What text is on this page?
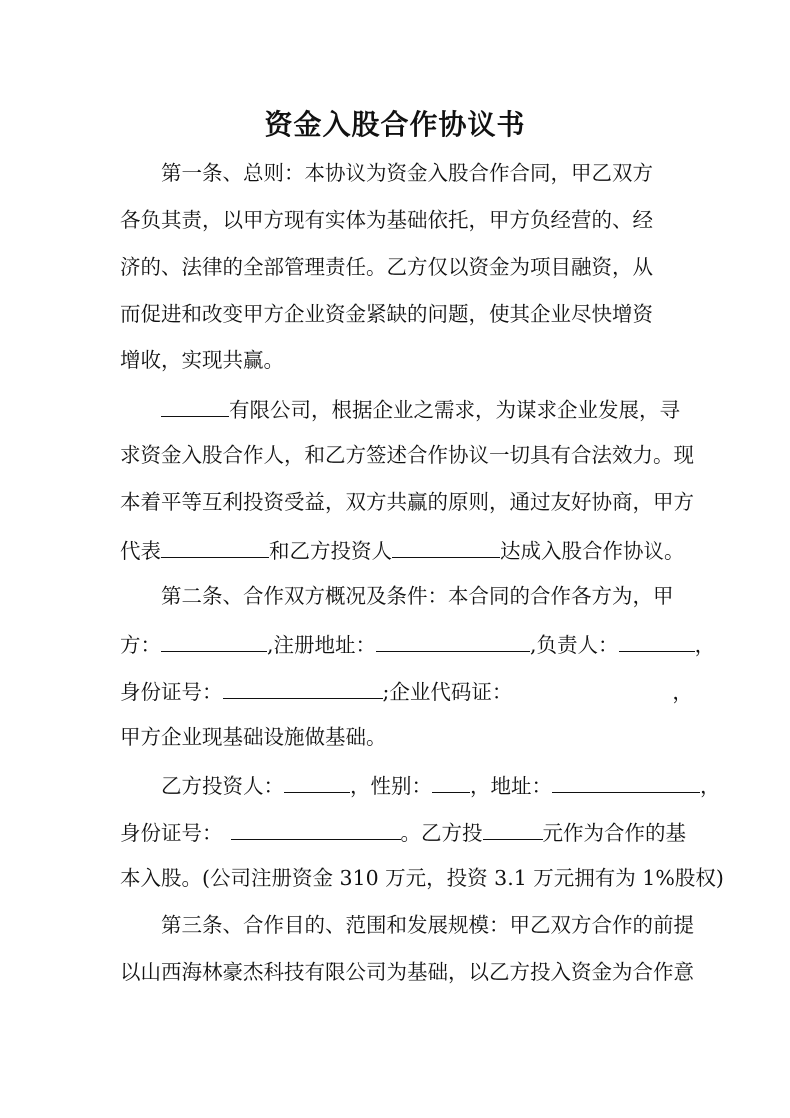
资金入股合作协议书
第一条、总则：本协议为资金入股合作合同，甲乙双方
各负其责，以甲方现有实体为基础依托，甲方负经营的、经
济的、法律的全部管理责任。乙方仅以资金为项目融资，从
而促进和改变甲方企业资金紧缺的问题，使其企业尽快增资
增收，实现共赢。
有限公司，根据企业之需求，为谋求企业发展，寻
求资金入股合作人，和乙方签述合作协议一切具有合法效力。现
本着平等互利投资受益，双方共赢的原则，通过友好协商，甲方
代表	和乙方投资人	达成入股合作协议。
第二条、合作双方概况及条件：本合同的合作各方为，甲
方：	,注册地址：	,负责人：	，
身份证号：	;企业代码证：	，
甲方企业现基础设施做基础。
乙方投资人：	，性别： ，地址：	，
身份证号：	。乙方投	元作为合作的基
本入股。(公司注册资金 310 万元，投资 3.1 万元拥有为 1%股权)
第三条、合作目的、范围和发展规模：甲乙双方合作的前提
以山西海林豪杰科技有限公司为基础，以乙方投入资金为合作意
